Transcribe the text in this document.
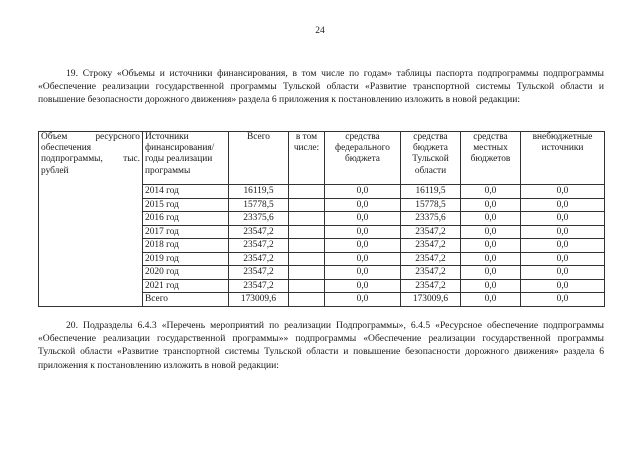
24

19. Строку «Объемы и источники финансирования, в том числе по годам» таблицы паспорта подпрограммы подпрограммы «Обеспечение реализации государственной программы Тульской области «Развитие транспортной системы Тульской области и повышение безопасности дорожного движения» раздела 6 приложения к постановлению изложить в новой редакции:

Объем ресурсного обеспечения подпрограммы, тыс. рублей	Источники финансирования/ годы реализации программы	Всего	в том числе:	средства федерального бюджета	средства бюджета Тульской области	средства местных бюджетов	внебюджетные источники
	2014 год	16119,5		0,0	16119,5	0,0	0,0
	2015 год	15778,5		0,0	15778,5	0,0	0,0
	2016 год	23375,6		0,0	23375,6	0,0	0,0
	2017 год	23547,2		0,0	23547,2	0,0	0,0
	2018 год	23547,2		0,0	23547,2	0,0	0,0
	2019 год	23547,2		0,0	23547,2	0,0	0,0
	2020 год	23547,2		0,0	23547,2	0,0	0,0
	2021 год	23547,2		0,0	23547,2	0,0	0,0
	Всего	173009,6		0,0	173009,6	0,0	0,0

20. Подразделы 6.4.3 «Перечень мероприятий по реализации Подпрограммы», 6.4.5 «Ресурсное обеспечение подпрограммы «Обеспечение реализации государственной программы»» подпрограммы «Обеспечение реализации государственной программы Тульской области «Развитие транспортной системы Тульской области и повышение безопасности дорожного движения» раздела 6 приложения к постановлению изложить в новой редакции:
